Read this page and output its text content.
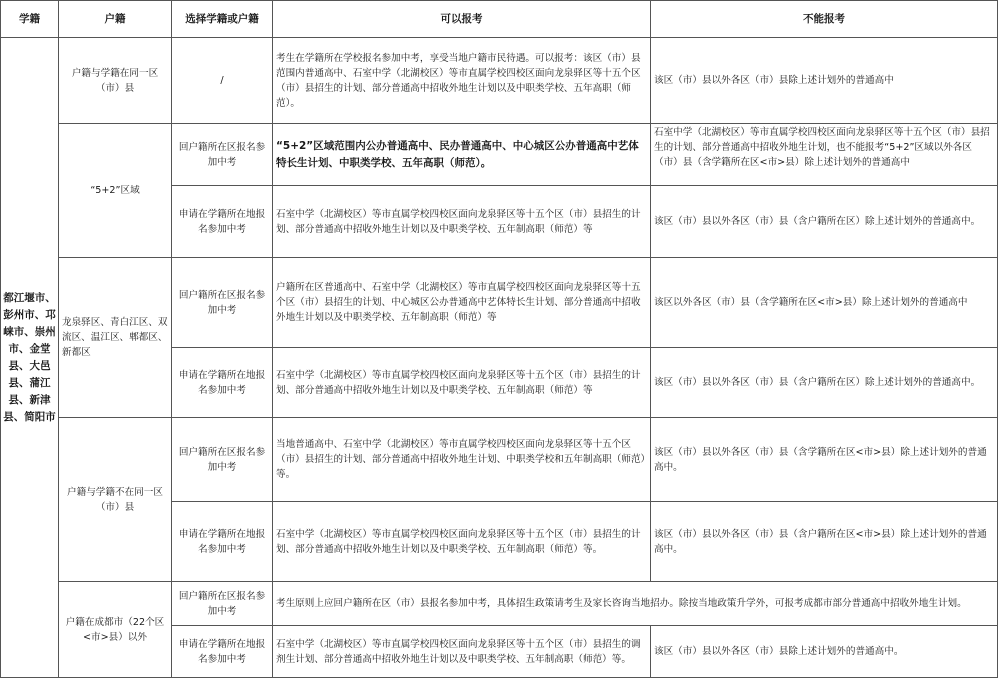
学籍	户籍	选择学籍或户籍	可以报考	不能报考
都江堰市、彭州市、邛崃市、崇州市、金堂县、大邑县、蒲江县、新津县、简阳市	户籍与学籍在同一区（市）县	/	考生在学籍所在学校报名参加中考，享受当地户籍市民待遇。可以报考：该区（市）县范围内普通高中、石室中学（北湖校区）等市直属学校四校区面向龙泉驿区等十五个区（市）县招生的计划、部分普通高中招收外地生计划以及中职类学校、五年高职（师范）。	该区（市）县以外各区（市）县除上述计划外的普通高中
	“5+2”区域	回户籍所在区报名参加中考	“5+2”区域范围内公办普通高中、民办普通高中、中心城区公办普通高中艺体特长生计划、中职类学校、五年高职（师范）。	石室中学（北湖校区）等市直属学校四校区面向龙泉驿区等十五个区（市）县招生的计划、部分普通高中招收外地生计划，也不能报考“5+2”区域以外各区（市）县（含学籍所在区<市>县）除上述计划外的普通高中
		申请在学籍所在地报名参加中考	石室中学（北湖校区）等市直属学校四校区面向龙泉驿区等十五个区（市）县招生的计划、部分普通高中招收外地生计划以及中职类学校、五年制高职（师范）等	该区（市）县以外各区（市）县（含户籍所在区）除上述计划外的普通高中。
	龙泉驿区、青白江区、双流区、温江区、郫都区、新都区	回户籍所在区报名参加中考	户籍所在区普通高中、石室中学（北湖校区）等市直属学校四校区面向龙泉驿区等十五个区（市）县招生的计划、中心城区公办普通高中艺体特长生计划、部分普通高中招收外地生计划以及中职类学校、五年制高职（师范）等	该区以外各区（市）县（含学籍所在区<市>县）除上述计划外的普通高中
		申请在学籍所在地报名参加中考	石室中学（北湖校区）等市直属学校四校区面向龙泉驿区等十五个区（市）县招生的计划、部分普通高中招收外地生计划以及中职类学校、五年制高职（师范）等	该区（市）县以外各区（市）县（含户籍所在区）除上述计划外的普通高中。
	户籍与学籍不在同一区（市）县	回户籍所在区报名参加中考	当地普通高中、石室中学（北湖校区）等市直属学校四校区面向龙泉驿区等十五个区（市）县招生的计划、部分普通高中招收外地生计划、中职类学校和五年制高职（师范）等。	该区（市）县以外各区（市）县（含学籍所在区<市>县）除上述计划外的普通高中。
		申请在学籍所在地报名参加中考	石室中学（北湖校区）等市直属学校四校区面向龙泉驿区等十五个区（市）县招生的计划、部分普通高中招收外地生计划以及中职类学校、五年制高职（师范）等。	该区（市）县以外各区（市）县（含户籍所在区<市>县）除上述计划外的普通高中。
	户籍在成都市（22个区<市>县）以外	回户籍所在区报名参加中考	考生原则上应回户籍所在区（市）县报名参加中考，具体招生政策请考生及家长咨询当地招办。除按当地政策升学外，可报考成都市部分普通高中招收外地生计划。	
		申请在学籍所在地报名参加中考	石室中学（北湖校区）等市直属学校四校区面向龙泉驿区等十五个区（市）县招生的调剂生计划、部分普通高中招收外地生计划以及中职类学校、五年制高职（师范）等。	该区（市）县以外各区（市）县除上述计划外的普通高中。
